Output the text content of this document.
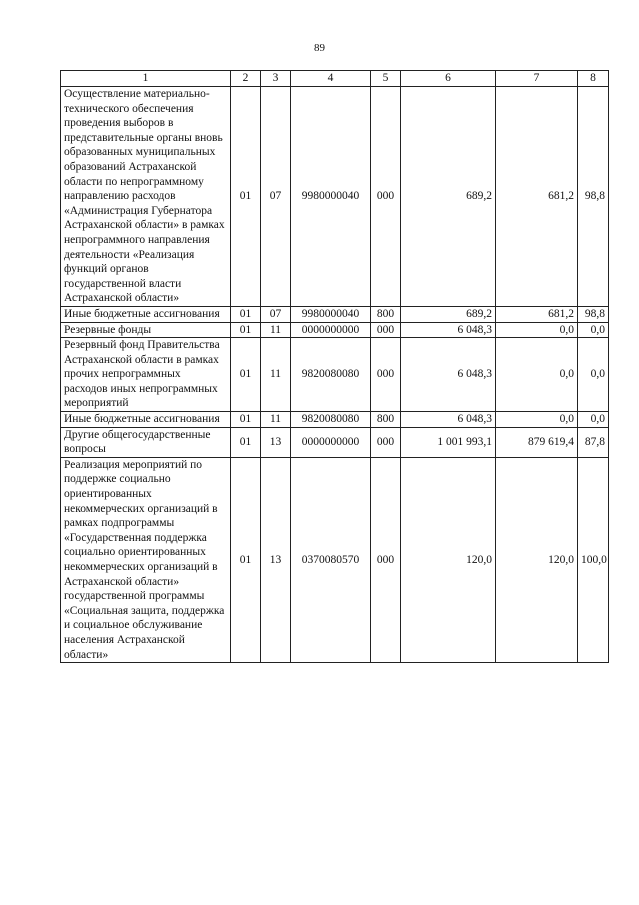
89
1	2	3	4	5	6	7	8
Осуществление материально-технического обеспечения проведения выборов в представительные органы вновь образованных муниципальных образований Астраханской области по непрограммному направлению расходов «Администрация Губернатора Астраханской области» в рамках непрограммного направления деятельности «Реализация функций органов государственной власти Астраханской области»	01	07	9980000040	000	689,2	681,2	98,8
Иные бюджетные ассигнования	01	07	9980000040	800	689,2	681,2	98,8
Резервные фонды	01	11	0000000000	000	6 048,3	0,0	0,0
Резервный фонд Правительства Астраханской области в рамках прочих непрограммных расходов иных непрограммных мероприятий	01	11	9820080080	000	6 048,3	0,0	0,0
Иные бюджетные ассигнования	01	11	9820080080	800	6 048,3	0,0	0,0
Другие общегосударственные вопросы	01	13	0000000000	000	1 001 993,1	879 619,4	87,8
Реализация мероприятий по поддержке социально ориентированных некоммерческих организаций в рамках подпрограммы «Государственная поддержка социально ориентированных некоммерческих организаций в Астраханской области» государственной программы «Социальная защита, поддержка и социальное обслуживание населения Астраханской области»	01	13	0370080570	000	120,0	120,0	100,0
